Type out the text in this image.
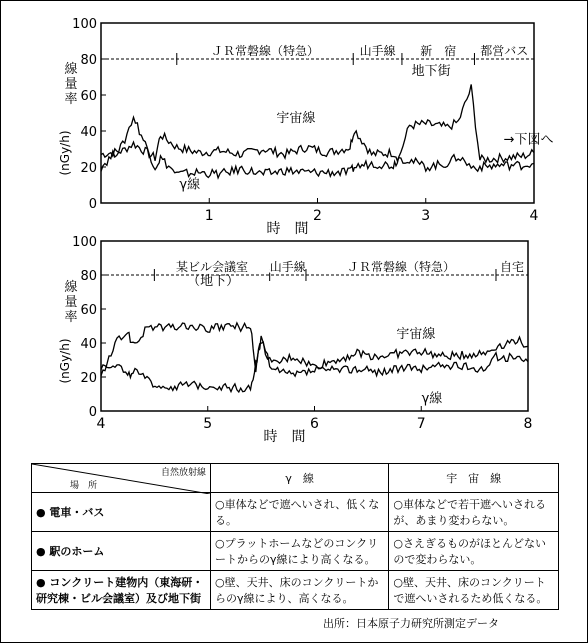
100
80
60
40
20
0
1	2	3	4
時　間
線
量
率
(nGy/h)
ＪＲ常磐線（特急）	山手線 新　宿 都営バス
地下街
宇宙線
γ線
→下図へ
100
80
60
40
20
0
4	5	6	7	8
時　間
線
量
率
(nGy/h)
某ビル会議室 山手線	ＪＲ常磐線（特急）	自宅
（地下）
宇宙線
γ線
自然放射線
場　所	γ　線	宇　宙　線
● 電車・バス	○車体などで遮へいされ、低くなる。	○車体などで若干遮へいされるが、あまり変わらない。
● 駅のホーム	○プラットホームなどのコンクリートからのγ線により高くなる。	○さえぎるものがほとんどないので変わらない。
● コンクリート建物内（東海研・研究棟・ビル会議室）及び地下街	○壁、天井、床のコンクリートからのγ線により、高くなる。	○壁、天井、床のコンクリートで遮へいされるため低くなる。
出所：日本原子力研究所測定データ
